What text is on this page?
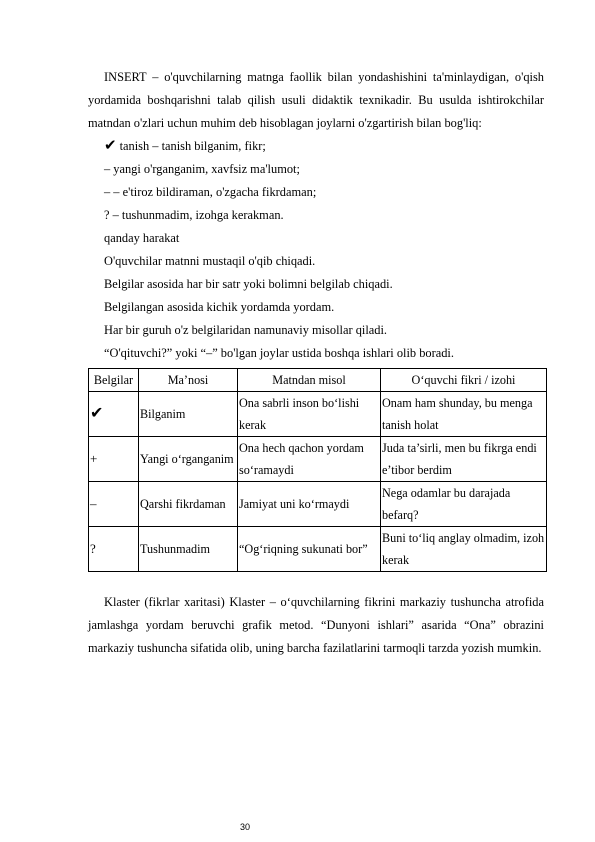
INSERT – o'quvchilarning matnga faollik bilan yondashishini ta'minlaydigan, o'qish yordamida boshqarishni talab qilish usuli didaktik texnikadir. Bu usulda ishtirokchilar matndan o'zlari uchun muhim deb hisoblagan joylarni o'zgartirish bilan bog'liq:

✔ tanish – tanish bilganim, fikr;

– yangi o'rganganim, xavfsiz ma'lumot;

– – e'tiroz bildiraman, o'zgacha fikrdaman;

? – tushunmadim, izohga kerakman.

qanday harakat

O'quvchilar matnni mustaqil o'qib chiqadi.

Belgilar asosida har bir satr yoki bolimni belgilab chiqadi.

Belgilangan asosida kichik yordamda yordam.

Har bir guruh o'z belgilaridan namunaviy misollar qiladi.

“O'qituvchi?” yoki “–” bo'lgan joylar ustida boshqa ishlari olib boradi.

Belgilar	Ma’nosi	Matndan misol	O‘quvchi fikri / izohi
✔	Bilganim	Ona sabrli inson bo‘lishi kerak	Onam ham shunday, bu menga tanish holat
+	Yangi o‘rganganim	Ona hech qachon yordam so‘ramaydi	Juda ta’sirli, men bu fikrga endi e’tibor berdim
–	Qarshi fikrdaman	Jamiyat uni ko‘rmaydi	Nega odamlar bu darajada befarq?
?	Tushunmadim	“Og‘riqning sukunati bor”	Buni to‘liq anglay olmadim, izoh kerak

Klaster (fikrlar xaritasi) Klaster – o‘quvchilarning fikrini markaziy tushuncha atrofida jamlashga yordam beruvchi grafik metod. “Dunyoni ishlari” asarida “Ona” obrazini markaziy tushuncha sifatida olib, uning barcha fazilatlarini tarmoqli tarzda yozish mumkin.

30
